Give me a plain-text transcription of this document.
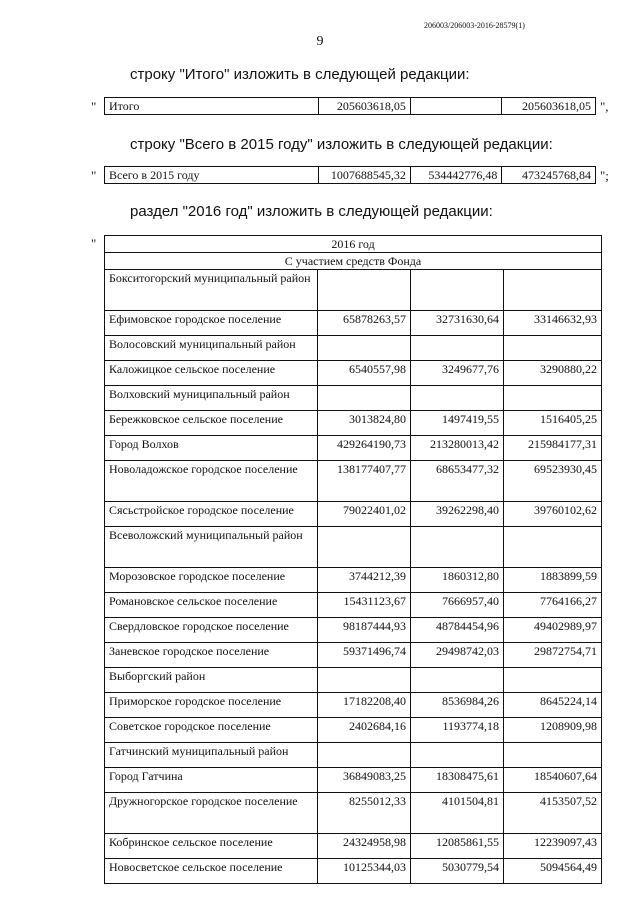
206003/206003-2016-28579(1)
9
строку "Итого" изложить в следующей редакции:
" Итого	205603618,05		205603618,05 ",
строку "Всего в 2015 году" изложить в следующей редакции:
" Всего в 2015 году	1007688545,32	534442776,48	473245768,84 ";
раздел "2016 год" изложить в следующей редакции:
"	2016 год			
С участием средств Фонда			
Бокситогорский муниципальный район			
Ефимовское городское поселение	65878263,57	32731630,64	33146632,93
Волосовский муниципальный район			
Каложицкое сельское поселение	6540557,98	3249677,76	3290880,22
Волховский муниципальный район			
Бережковское сельское поселение	3013824,80	1497419,55	1516405,25
Город Волхов	429264190,73	213280013,42	215984177,31
Новоладожское городское поселение	138177407,77	68653477,32	69523930,45
Сясьстройское городское поселение	79022401,02	39262298,40	39760102,62
Всеволожский муниципальный район			
Морозовское городское поселение	3744212,39	1860312,80	1883899,59
Романовское сельское поселение	15431123,67	7666957,40	7764166,27
Свердловское городское поселение	98187444,93	48784454,96	49402989,97
Заневское городское поселение	59371496,74	29498742,03	29872754,71
Выборгский район			
Приморское городское поселение	17182208,40	8536984,26	8645224,14
Советское городское поселение	2402684,16	1193774,18	1208909,98
Гатчинский муниципальный район			
Город Гатчина	36849083,25	18308475,61	18540607,64
Дружногорское городское поселение	8255012,33	4101504,81	4153507,52
Кобринское сельское поселение	24324958,98	12085861,55	12239097,43
Новосветское сельское поселение	10125344,03	5030779,54	5094564,49
